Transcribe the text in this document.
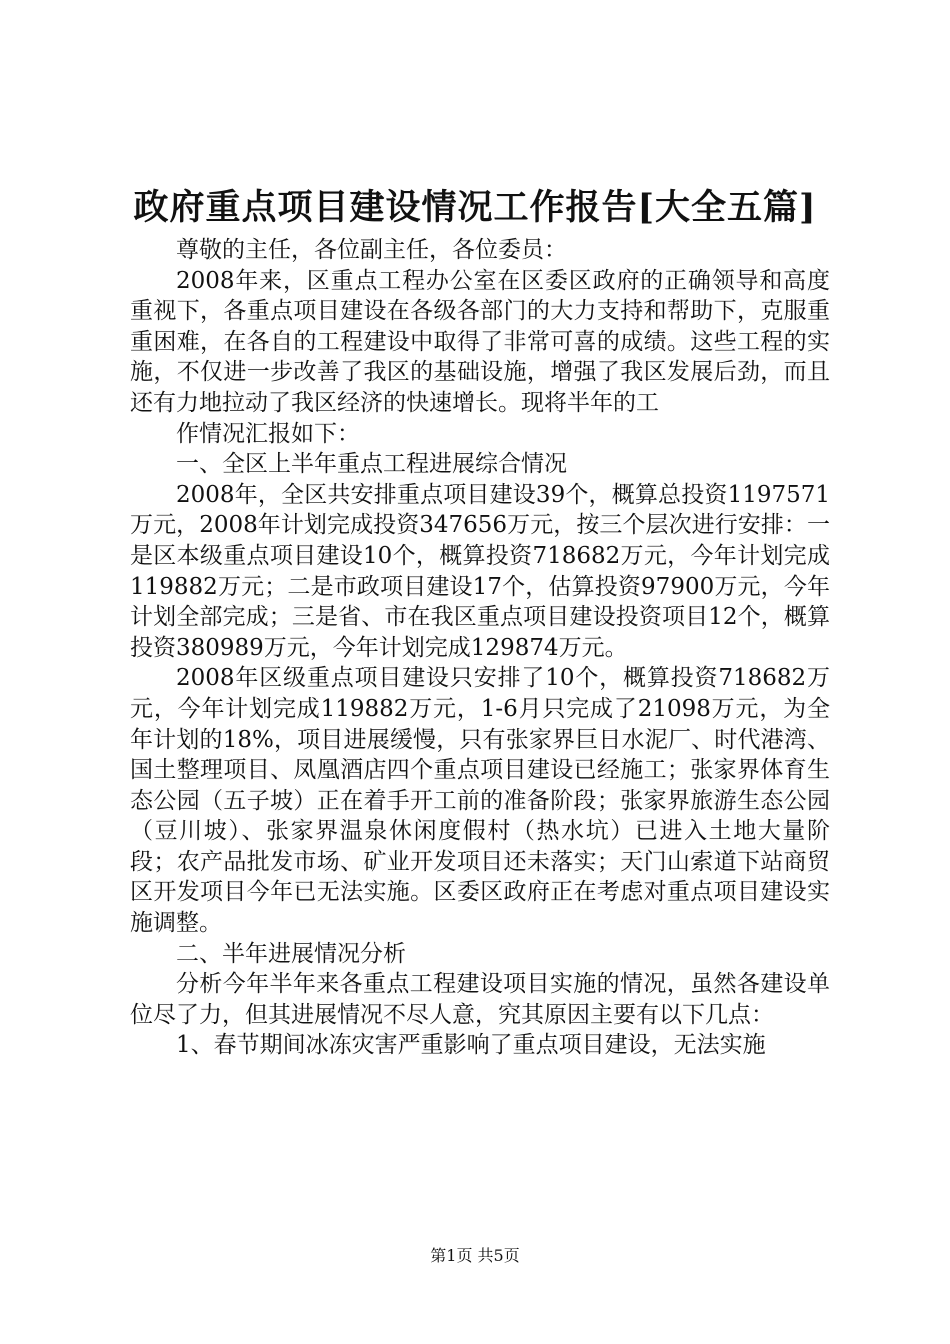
政府重点项目建设情况工作报告[大全五篇]

尊敬的主任，各位副主任，各位委员：

2008年来，区重点工程办公室在区委区政府的正确领导和高度重视下，各重点项目建设在各级各部门的大力支持和帮助下，克服重重困难，在各自的工程建设中取得了非常可喜的成绩。这些工程的实施，不仅进一步改善了我区的基础设施，增强了我区发展后劲，而且还有力地拉动了我区经济的快速增长。现将半年的工

作情况汇报如下：

一、全区上半年重点工程进展综合情况

2008年，全区共安排重点项目建设39个，概算总投资1197571万元，2008年计划完成投资347656万元，按三个层次进行安排：一是区本级重点项目建设10个，概算投资718682万元，今年计划完成119882万元；二是市政项目建设17个，估算投资97900万元，今年计划全部完成；三是省、市在我区重点项目建设投资项目12个，概算投资380989万元，今年计划完成129874万元。

2008年区级重点项目建设只安排了10个，概算投资718682万元，今年计划完成119882万元，1-6月只完成了21098万元，为全年计划的18%，项目进展缓慢，只有张家界巨日水泥厂、时代港湾、国土整理项目、凤凰酒店四个重点项目建设已经施工；张家界体育生态公园（五子坡）正在着手开工前的准备阶段；张家界旅游生态公园（豆川坡）、张家界温泉休闲度假村（热水坑）已进入土地大量阶段；农产品批发市场、矿业开发项目还未落实；天门山索道下站商贸区开发项目今年已无法实施。区委区政府正在考虑对重点项目建设实施调整。

二、半年进展情况分析

分析今年半年来各重点工程建设项目实施的情况，虽然各建设单位尽了力，但其进展情况不尽人意，究其原因主要有以下几点：

1、春节期间冰冻灾害严重影响了重点项目建设，无法实施

第1页 共5页
